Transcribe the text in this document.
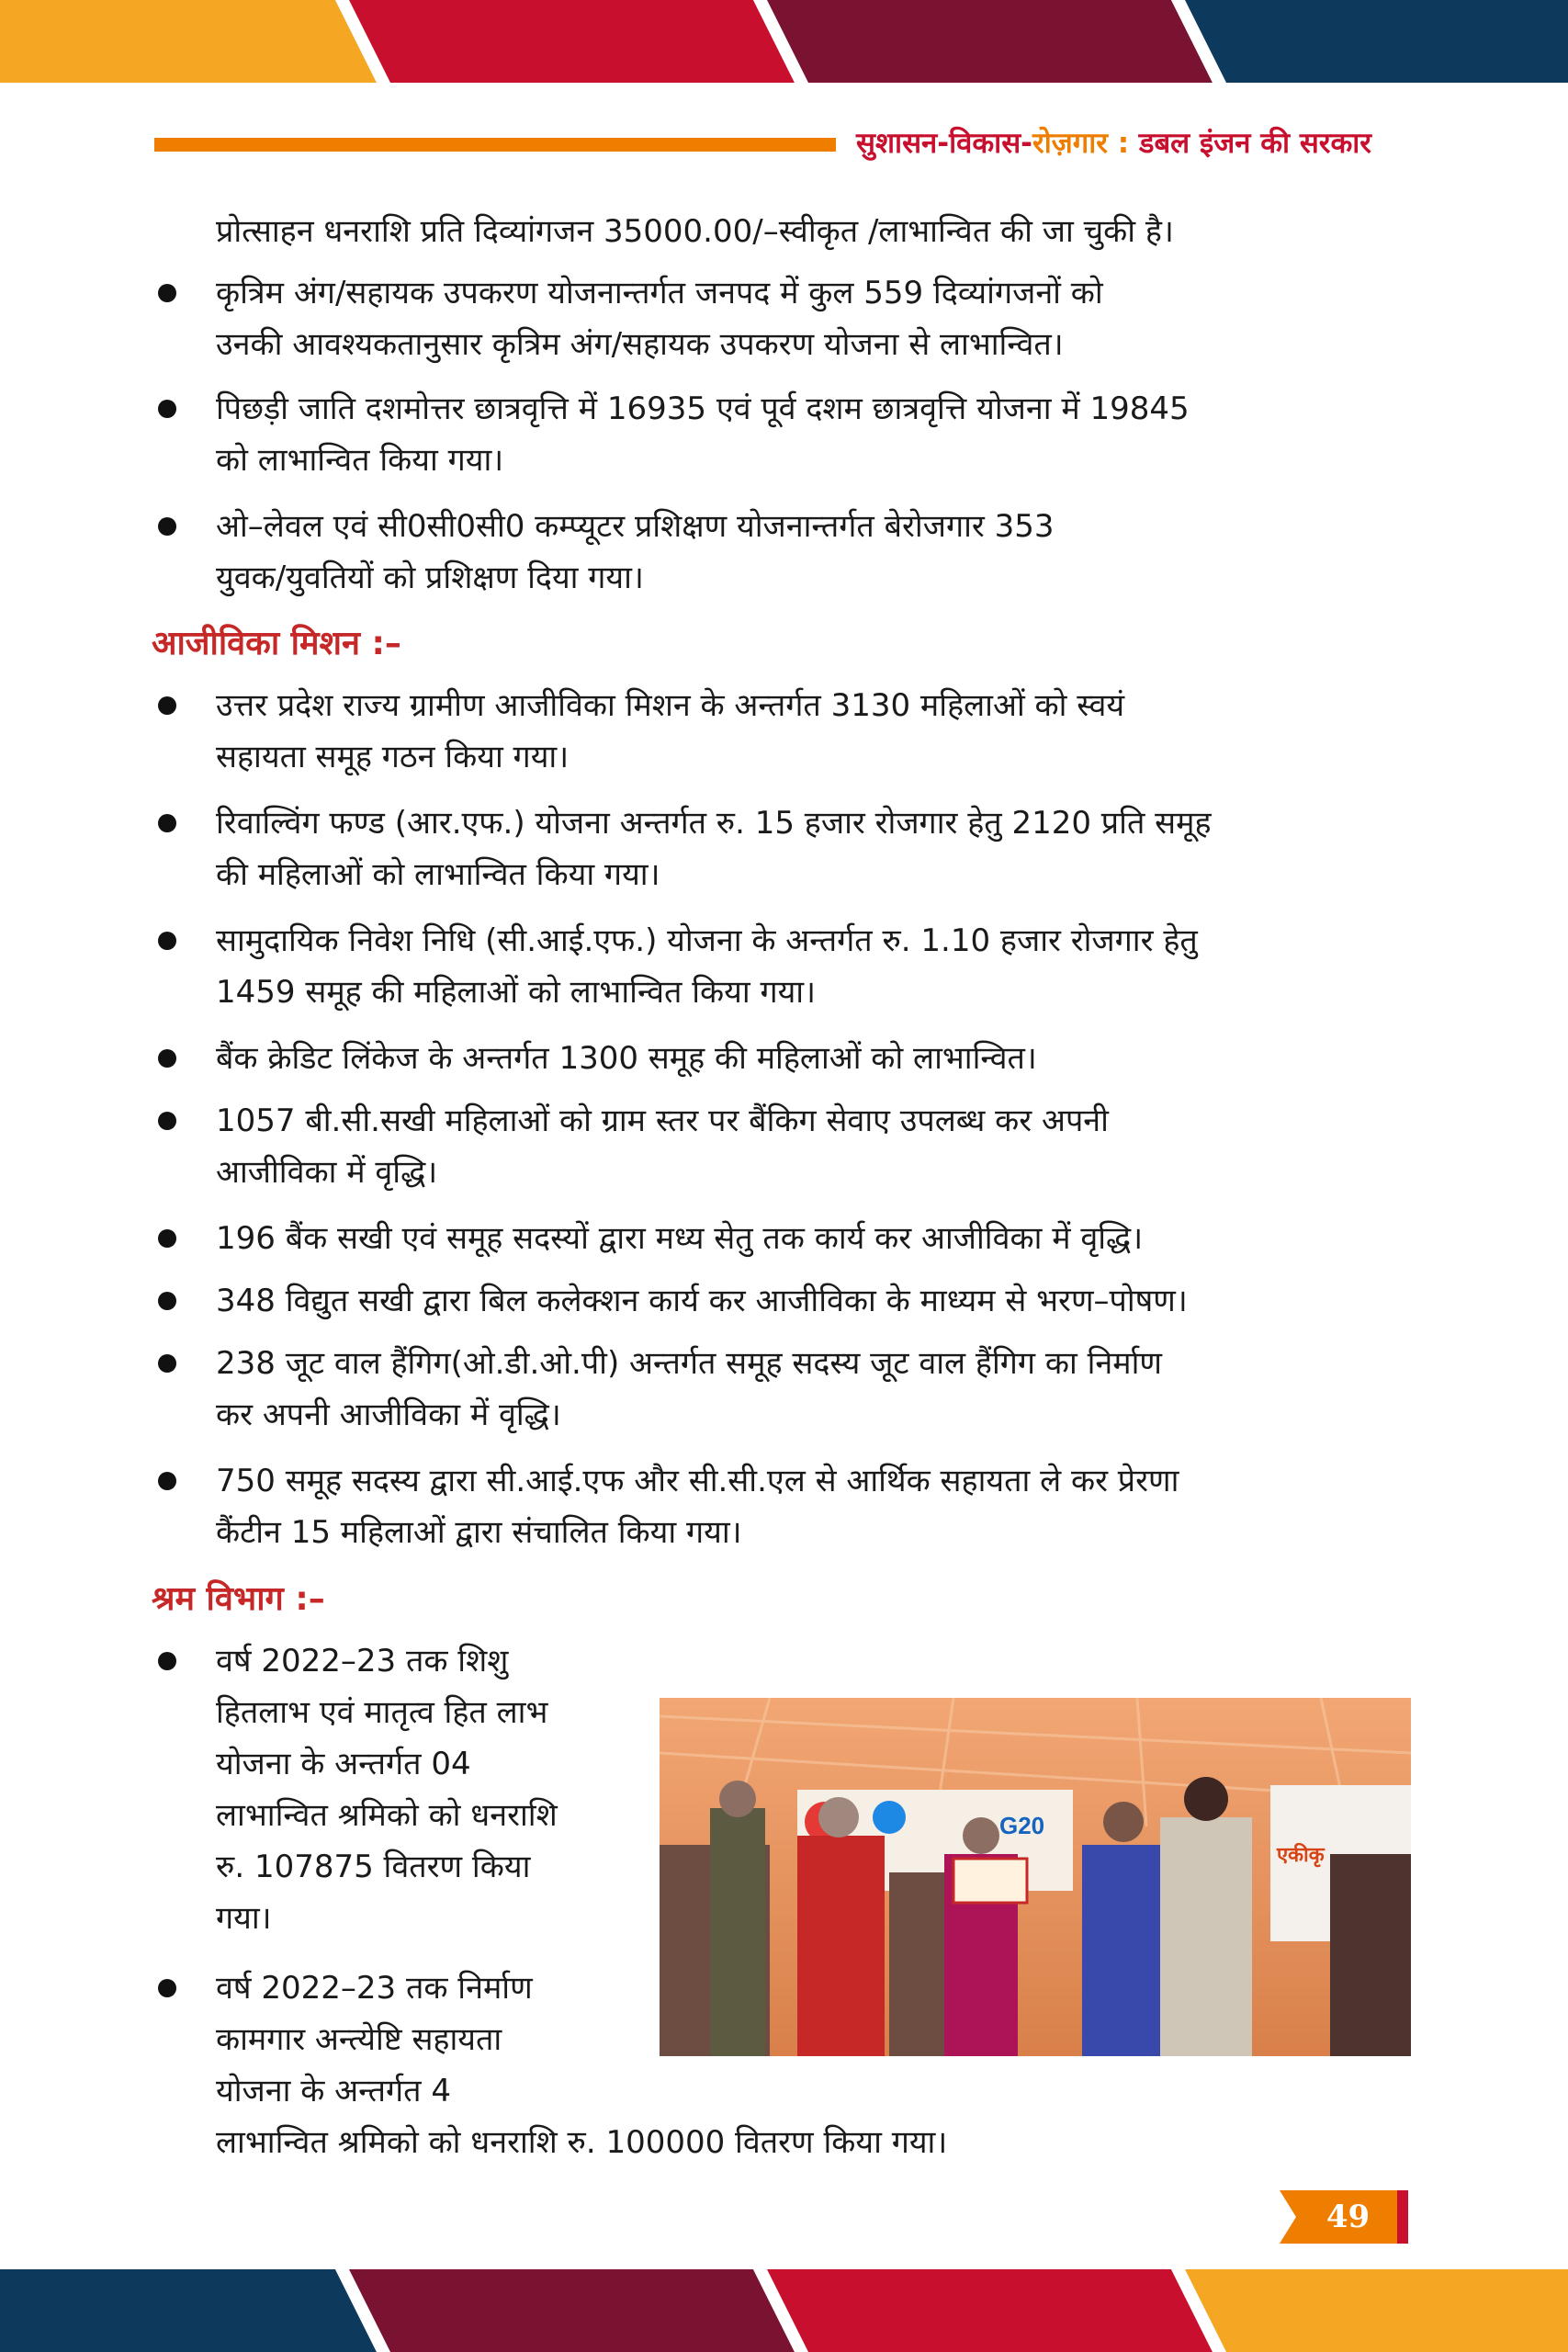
सुशासन-विकास-रोज़गार : डबल इंजन की सरकार

प्रोत्साहन धनराशि प्रति दिव्यांगजन 35000.00/–स्वीकृत /लाभान्वित की जा चुकी है।

कृत्रिम अंग/सहायक उपकरण योजनान्तर्गत जनपद में कुल 559 दिव्यांगजनों को
उनकी आवश्यकतानुसार कृत्रिम अंग/सहायक उपकरण योजना से लाभान्वित।

पिछड़ी जाति दशमोत्तर छात्रवृत्ति में 16935 एवं पूर्व दशम छात्रवृत्ति योजना में 19845
को लाभान्वित किया गया।

ओ–लेवल एवं सी0सी0सी0 कम्प्यूटर प्रशिक्षण योजनान्तर्गत बेरोजगार 353
युवक/युवतियों को प्रशिक्षण दिया गया।

आजीविका मिशन :–

उत्तर प्रदेश राज्य ग्रामीण आजीविका मिशन के अन्तर्गत 3130 महिलाओं को स्वयं
सहायता समूह गठन किया गया।

रिवाल्विंग फण्ड (आर.एफ.) योजना अन्तर्गत रु. 15 हजार रोजगार हेतु 2120 प्रति समूह
की महिलाओं को लाभान्वित किया गया।

सामुदायिक निवेश निधि (सी.आई.एफ.) योजना के अन्तर्गत रु. 1.10 हजार रोजगार हेतु
1459 समूह की महिलाओं को लाभान्वित किया गया।

बैंक क्रेडिट लिंकेज के अन्तर्गत 1300 समूह की महिलाओं को लाभान्वित।

1057 बी.सी.सखी महिलाओं को ग्राम स्तर पर बैंकिग सेवाए उपलब्ध कर अपनी
आजीविका में वृद्धि।

196 बैंक सखी एवं समूह सदस्यों द्वारा मध्य सेतु तक कार्य कर आजीविका में वृद्धि।

348 विद्युत सखी द्वारा बिल कलेक्शन कार्य कर आजीविका के माध्यम से भरण–पोषण।

238 जूट वाल हैंगिग(ओ.डी.ओ.पी) अन्तर्गत समूह सदस्य जूट वाल हैंगिग का निर्माण
कर अपनी आजीविका में वृद्धि।

750 समूह सदस्य द्वारा सी.आई.एफ और सी.सी.एल से आर्थिक सहायता ले कर प्रेरणा
कैंटीन 15 महिलाओं द्वारा संचालित किया गया।

श्रम विभाग :–

वर्ष 2022–23 तक शिशु
हितलाभ एवं मातृत्व हित लाभ
योजना के अन्तर्गत 04
लाभान्वित श्रमिको को धनराशि
रु. 107875 वितरण किया
गया।

वर्ष 2022–23 तक निर्माण
कामगार अन्त्येष्टि सहायता
योजना के अन्तर्गत 4
लाभान्वित श्रमिको को धनराशि रु. 100000 वितरण किया गया।

G20
एकीकृ
49
